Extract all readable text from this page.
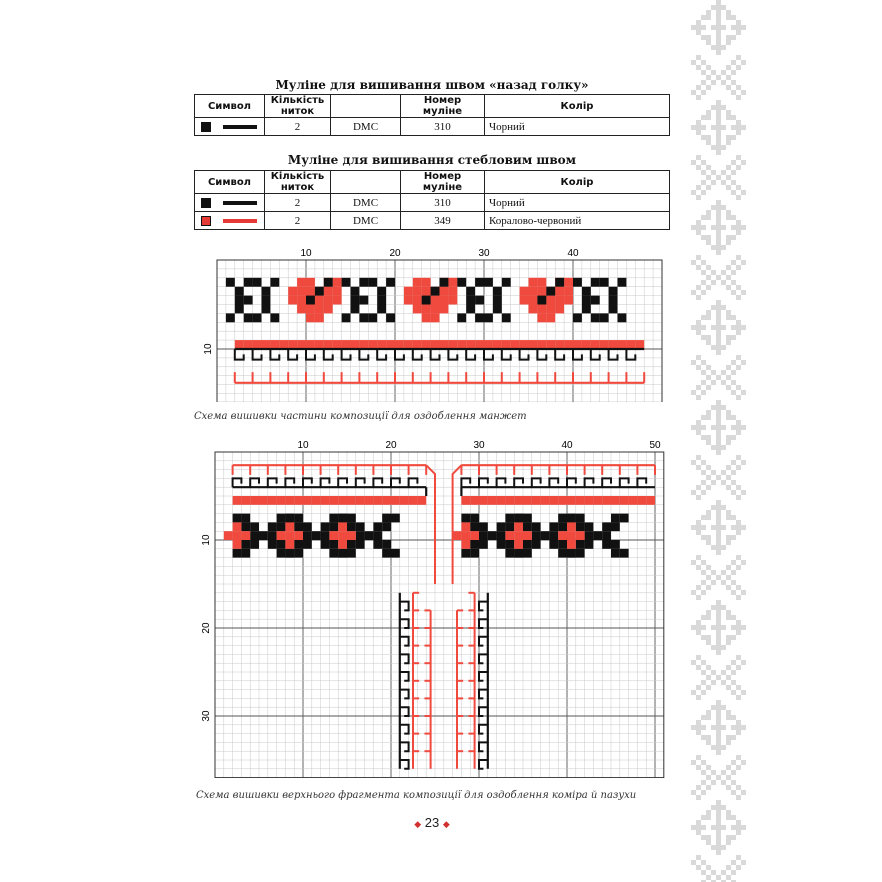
Муліне для вишивання швом «назад голку»
Символ	Кількість ниток		Номер муліне	Колір

	2	DMC	310	Чорний
Муліне для вишивання стебловим швом
Символ	Кількість ниток		Номер муліне	Колір

	2	DMC	310	Чорний

	2	DMC	349	Коралово-червоний
10	20	30	40
10
Схема вишивки частини композиції для оздоблення манжет
10	20	30	40	50
10
20
30
Схема вишивки верхнього фрагмента композиції для оздоблення коміра й пазухи
◆ 23 ◆
